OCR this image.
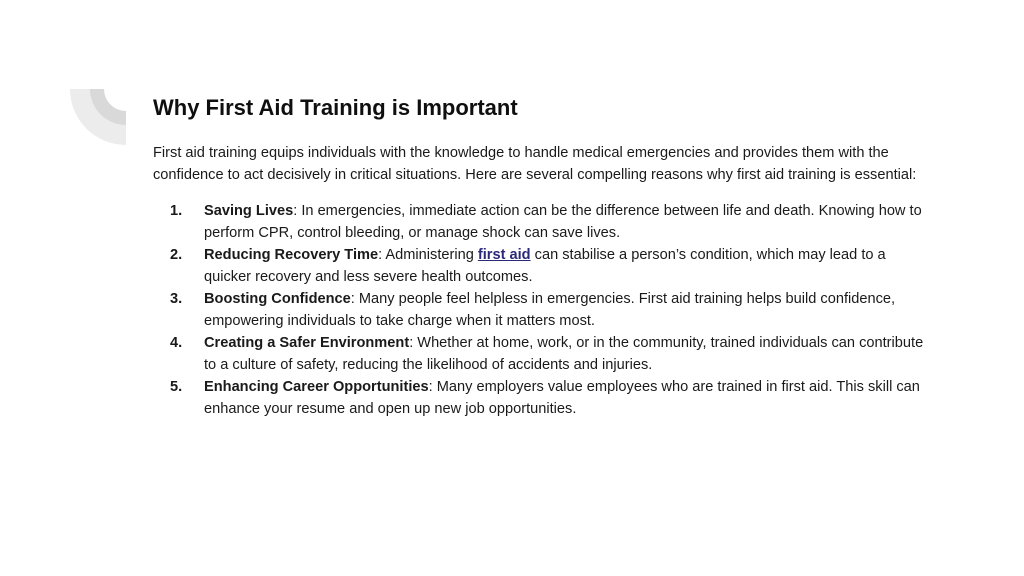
Why First Aid Training is Important

First aid training equips individuals with the knowledge to handle medical emergencies and provides them with the confidence to act decisively in critical situations. Here are several compelling reasons why first aid training is essential:

1. Saving Lives: In emergencies, immediate action can be the difference between life and death. Knowing how to perform CPR, control bleeding, or manage shock can save lives.
2. Reducing Recovery Time: Administering first aid can stabilise a person’s condition, which may lead to a quicker recovery and less severe health outcomes.
3. Boosting Confidence: Many people feel helpless in emergencies. First aid training helps build confidence, empowering individuals to take charge when it matters most.
4. Creating a Safer Environment: Whether at home, work, or in the community, trained individuals can contribute to a culture of safety, reducing the likelihood of accidents and injuries.
5. Enhancing Career Opportunities: Many employers value employees who are trained in first aid. This skill can enhance your resume and open up new job opportunities.
